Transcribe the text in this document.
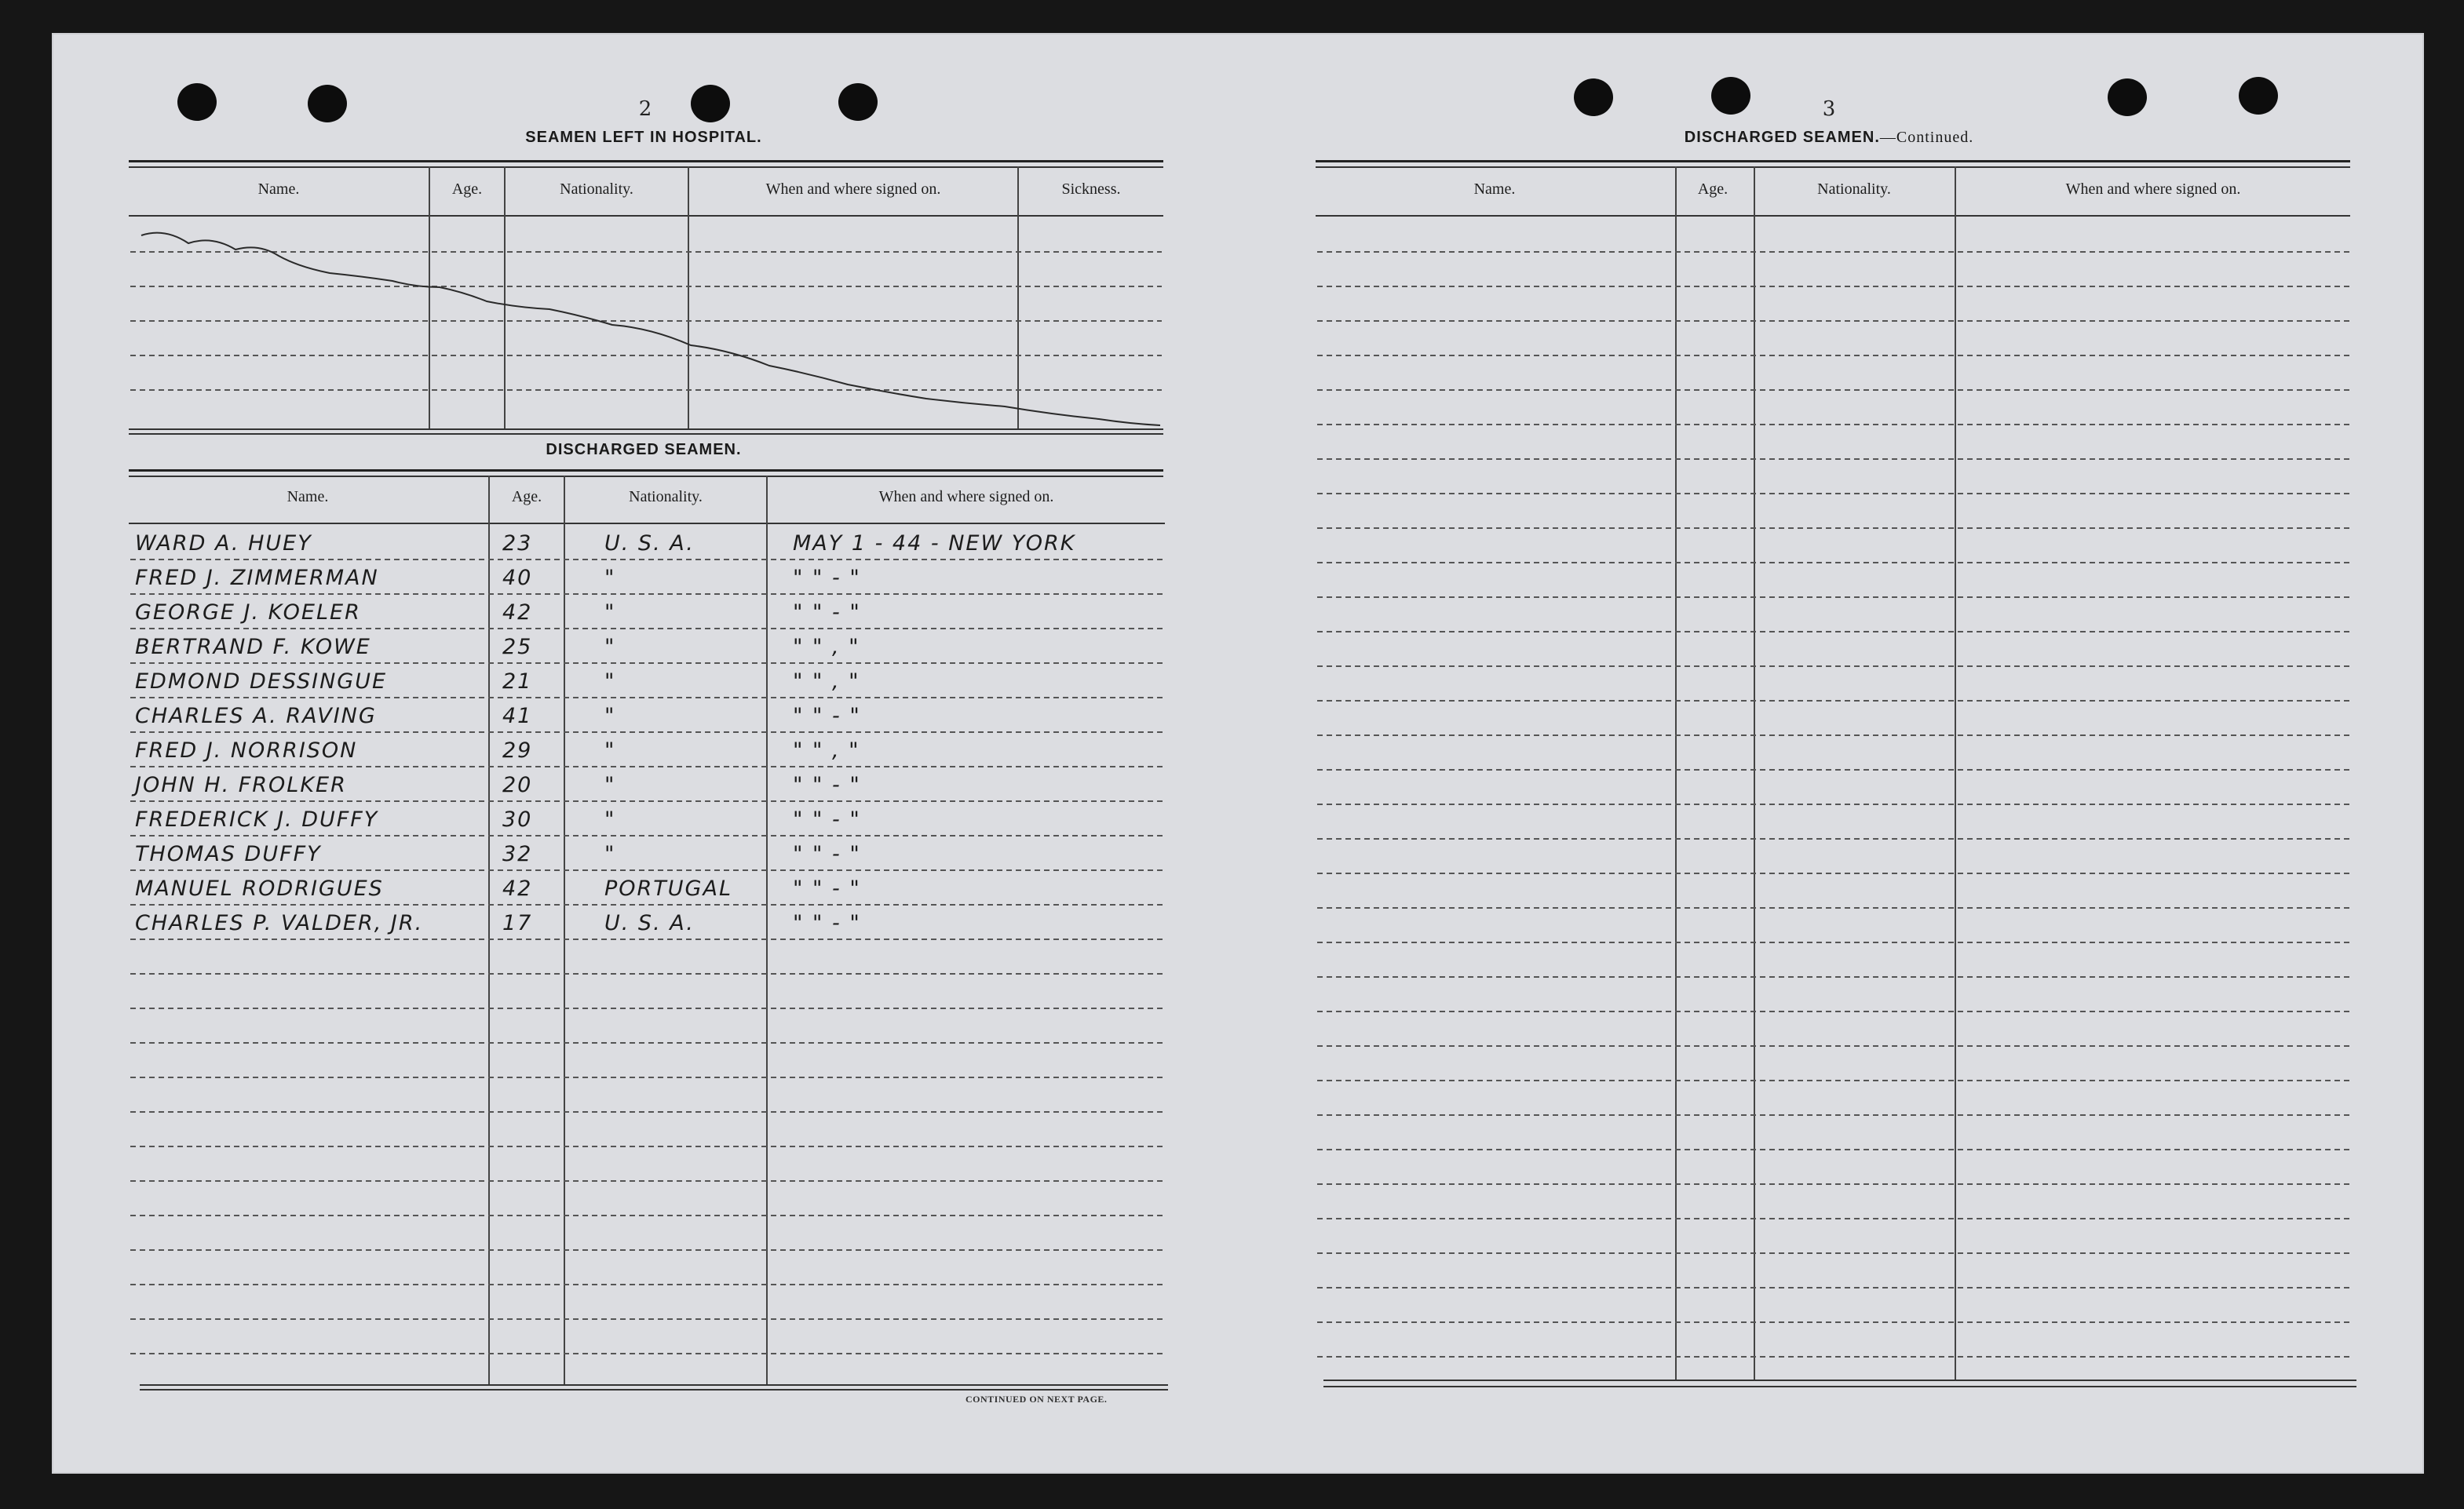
2
SEAMEN LEFT IN HOSPITAL.
Name.	Age.	Nationality.	When and where signed on.	Sickness.
DISCHARGED SEAMEN.
Name.	Age.	Nationality.	When and where signed on.
WARD A. HUEY	23	U. S. A.	MAY 1 - 44 - NEW YORK
FRED J. ZIMMERMAN	40	"	" " - "
GEORGE J. KOELER	42	"	" " - "
BERTRAND F. KOWE	25	"	" " , "
EDMOND DESSINGUE	21	"	" " , "
CHARLES A. RAVING	41	"	" " - "
FRED J. NORRISON	29	"	" " , "
JOHN H. FROLKER	20	"	" " - "
FREDERICK J. DUFFY	30	"	" " - "
THOMAS DUFFY	32	"	" " - "
MANUEL RODRIGUES	42	PORTUGAL	" " - "
CHARLES P. VALDER, JR.	17	U. S. A.	" " - "
CONTINUED ON NEXT PAGE.
3
DISCHARGED SEAMEN.—Continued.
Name.	Age.	Nationality.	When and where signed on.
